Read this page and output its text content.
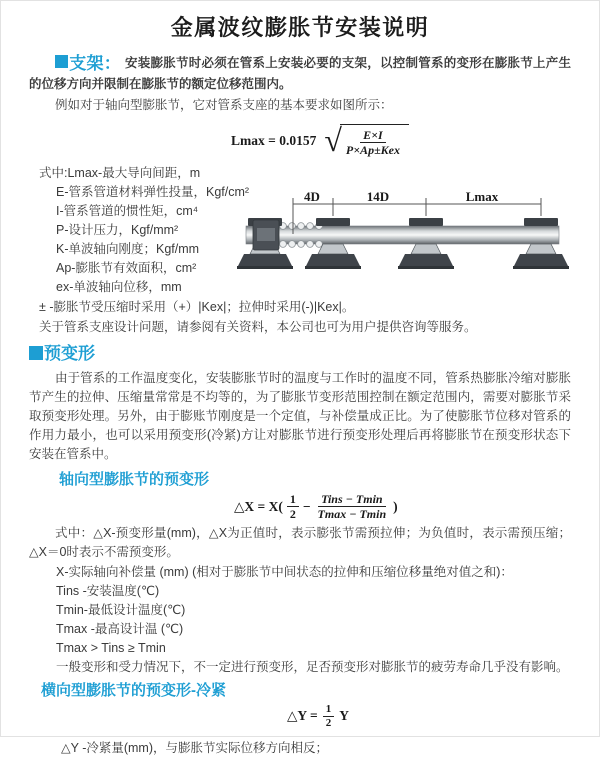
金属波纹膨胀节安装说明

支架： 安装膨胀节时必须在管系上安装必要的支架，以控制管系的变形在膨胀节上产生的位移方向并限制在膨胀节的额定位移范围内。

例如对于轴向型膨胀节，它对管系支座的基本要求如图所示：

Lmax = 0.0157 √ $\frac{E\times I}{\text{P×Ap±Kex}}$
式中:Lmax-最大导向间距，m
E-管系管道材料弹性投量，Kgf/cm²
I-管系管道的惯性矩，cm⁴
P-设计压力，Kgf/mm²
K-单波轴向刚度；Kgf/mm
Ap-膨胀节有效面积，cm²
ex-单波轴向位移，mm
4D	14D	Lmax
± -膨胀节受压缩时采用（+）|Kex|；拉伸时采用(-)|Kex|。
关于管系支座设计问题，请参阅有关资料，本公司也可为用户提供咨询等服务。
预变形

由于管系的工作温度变化，安装膨胀节时的温度与工作时的温度不同，管系热膨胀冷缩对膨胀节产生的拉伸、压缩量常常是不均等的，为了膨胀节变形范围控制在额定范围内，需要对膨胀节采取预变形处理。另外，由于膨账节刚度是一个定值，与补偿量成正比。为了使膨胀节位移对管系的作用力最小，也可以采用预变形(冷紧)方让对膨胀节进行预变形处理后再将膨胀节在预变形状态下安装在管系中。

轴向型膨胀节的预变形
△X = $X( \frac{1}{2} - \frac{\text{Tins − Tmin}}{Tmax - Tmin}$ )

式中：△X-预变形量(mm)，△X为正值时，表示膨张节需预拉伸；为负值时，表示需预压缩；△X＝0时表示不需预变形。

X-实际轴向补偿量 (mm) (相对于膨胀节中间状态的拉伸和压缩位移量绝对值之和)：
Tins -安装温度(℃)
Tmin-最低设计温度(℃)
Tmax -最高设计温 (℃)
Tmax > Tins ≥ Tmin
一般变形和受力情况下，不一定进行预变形，足否预变形对膨胀节的疲劳寿命几乎没有影响。
横向型膨胀节的预变形-冷紧
△Y = $\frac{1}{2}$ Y
△Y -冷紧量(mm)，与膨胀节实际位移方向相反；
